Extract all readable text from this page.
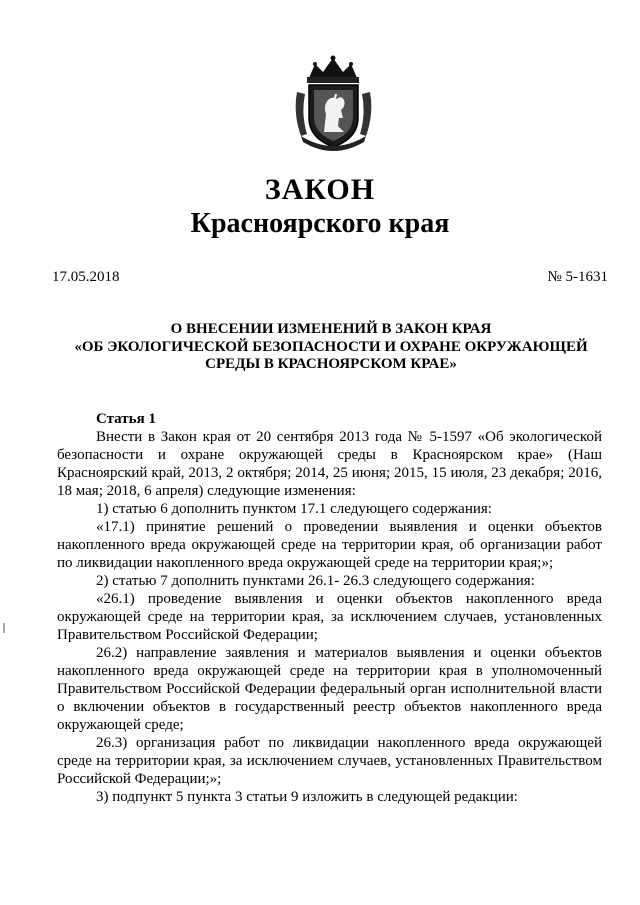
ЗАКОН
Красноярского края
17.05.2018	№ 5-1631
О ВНЕСЕНИИ ИЗМЕНЕНИЙ В ЗАКОН КРАЯ
«ОБ ЭКОЛОГИЧЕСКОЙ БЕЗОПАСНОСТИ И ОХРАНЕ ОКРУЖАЮЩЕЙ
СРЕДЫ В КРАСНОЯРСКОМ КРАЕ»

Статья 1

Внести в Закон края от 20 сентября 2013 года № 5-1597 «Об экологической безопасности и охране окружающей среды в Красноярском крае» (Наш Красноярский край, 2013, 2 октября; 2014, 25 июня; 2015, 15 июля, 23 декабря; 2016, 18 мая; 2018, 6 апреля) следующие изменения:

1) статью 6 дополнить пунктом 17.1 следующего содержания:

«17.1) принятие решений о проведении выявления и оценки объектов накопленного вреда окружающей среде на территории края, об организации работ по ликвидации накопленного вреда окружающей среде на территории края;»;

2) статью 7 дополнить пунктами 26.1- 26.3 следующего содержания:

«26.1) проведение выявления и оценки объектов накопленного вреда окружающей среде на территории края, за исключением случаев, установленных Правительством Российской Федерации;

26.2) направление заявления и материалов выявления и оценки объектов накопленного вреда окружающей среде на территории края в уполномоченный Правительством Российской Федерации федеральный орган исполнительной власти о включении объектов в государственный реестр объектов накопленного вреда окружающей среде;

26.3) организация работ по ликвидации накопленного вреда окружающей среде на территории края, за исключением случаев, установленных Правительством Российской Федерации;»;

3) подпункт 5 пункта 3 статьи 9 изложить в следующей редакции:
